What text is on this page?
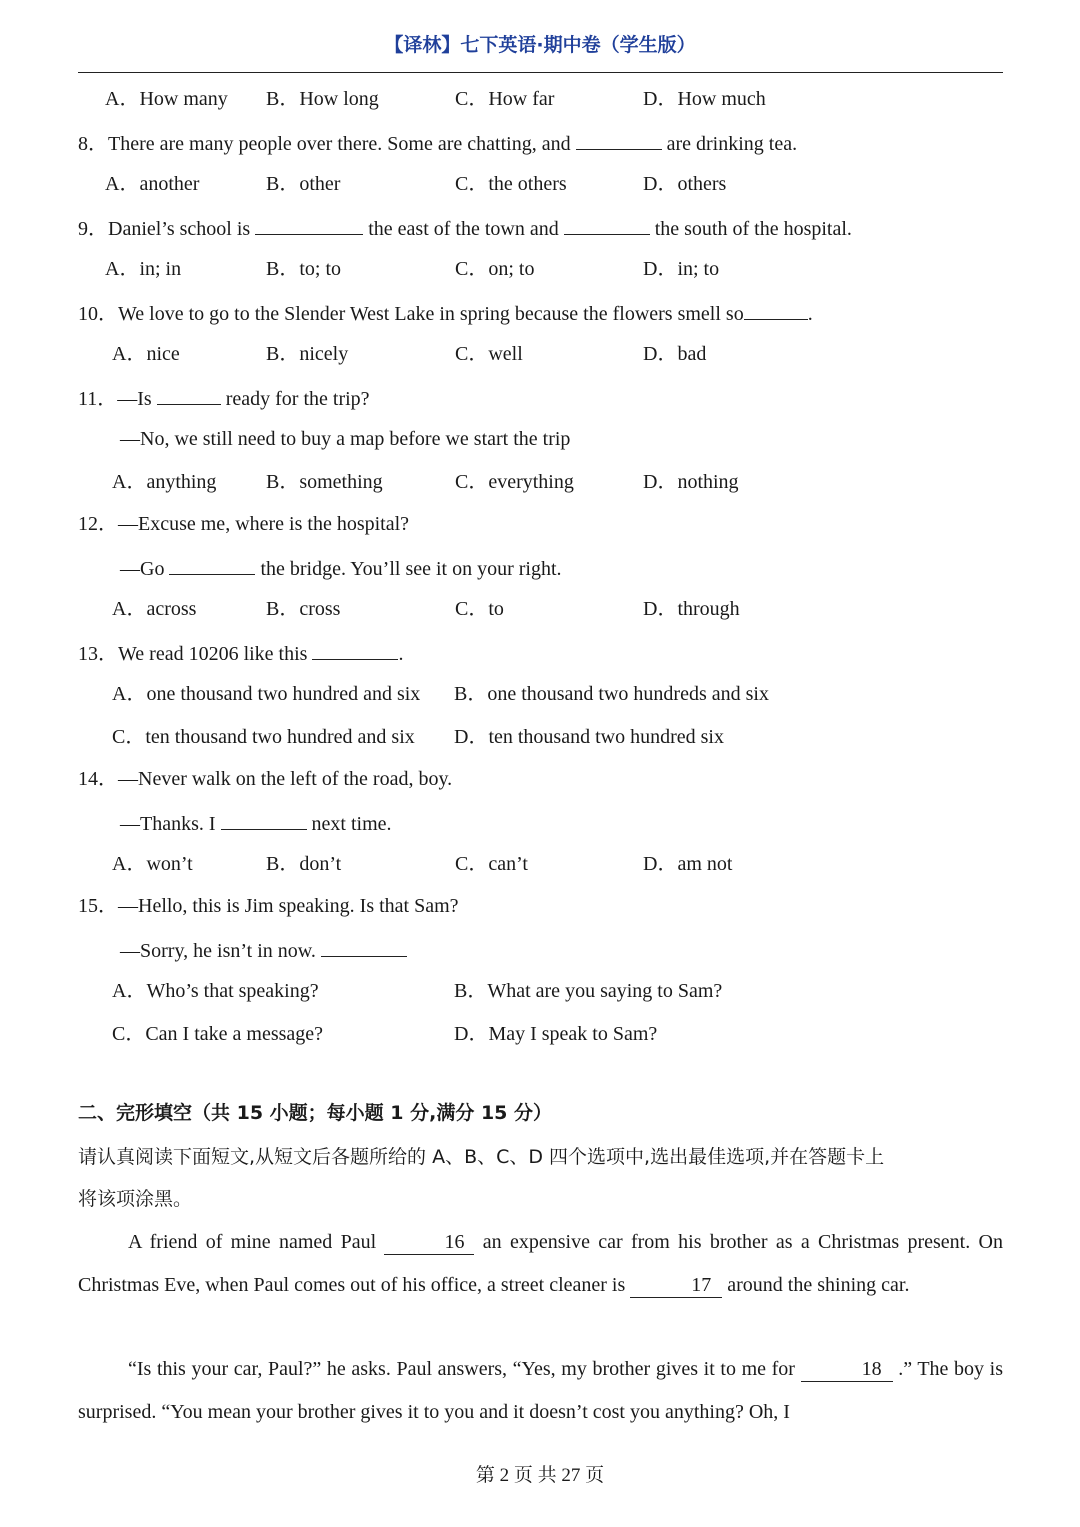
【译林】七下英语·期中卷（学生版）
A．How many B．How long	C．How far	D．How much
8．There are many people over there. Some are chatting, and	are drinking tea.
A．another	B．other	C．the others	D．others
9．Daniel’s school is	the east of the town and	the south of the hospital.
A．in; in	B．to; to	C．on; to	D．in; to
10．We love to go to the Slender West Lake in spring because the flowers smell so	.
A．nice	B．nicely	C．well	D．bad
11．—Is	ready for the trip?
—No, we still need to buy a map before we start the trip
A．anything B．something	C．everything	D．nothing
12．—Excuse me, where is the hospital?
—Go	the bridge. You’ll see it on your right.
A．across	B．cross	C．to	D．through
13．We read 10206 like this	.
A．one thousand two hundred and six B．one thousand two hundreds and six
C．ten thousand two hundred and six D．ten thousand two hundred six
14．—Never walk on the left of the road, boy.
—Thanks. I	next time.
A．won’t	B．don’t	C．can’t	D．am not
15．—Hello, this is Jim speaking. Is that Sam?
—Sorry, he isn’t in now.
A．Who’s that speaking?	B．What are you saying to Sam?
C．Can I take a message?	D．May I speak to Sam?
二、完形填空（共 15 小题；每小题 1 分,满分 15 分）
请认真阅读下面短文,从短文后各题所给的 A、B、C、D 四个选项中,选出最佳选项,并在答题卡上
将该项涂黑。
A friend of mine named Paul	16 an expensive car from his brother as a Christmas present. On Christmas Eve, when Paul comes out of his office, a street cleaner is	17 around the shining car.
“Is this your car, Paul?” he asks. Paul answers, “Yes, my brother gives it to me for	18 .” The boy is surprised. “You mean your brother gives it to you and it doesn’t cost you anything? Oh, I
第 2 页 共 27 页
